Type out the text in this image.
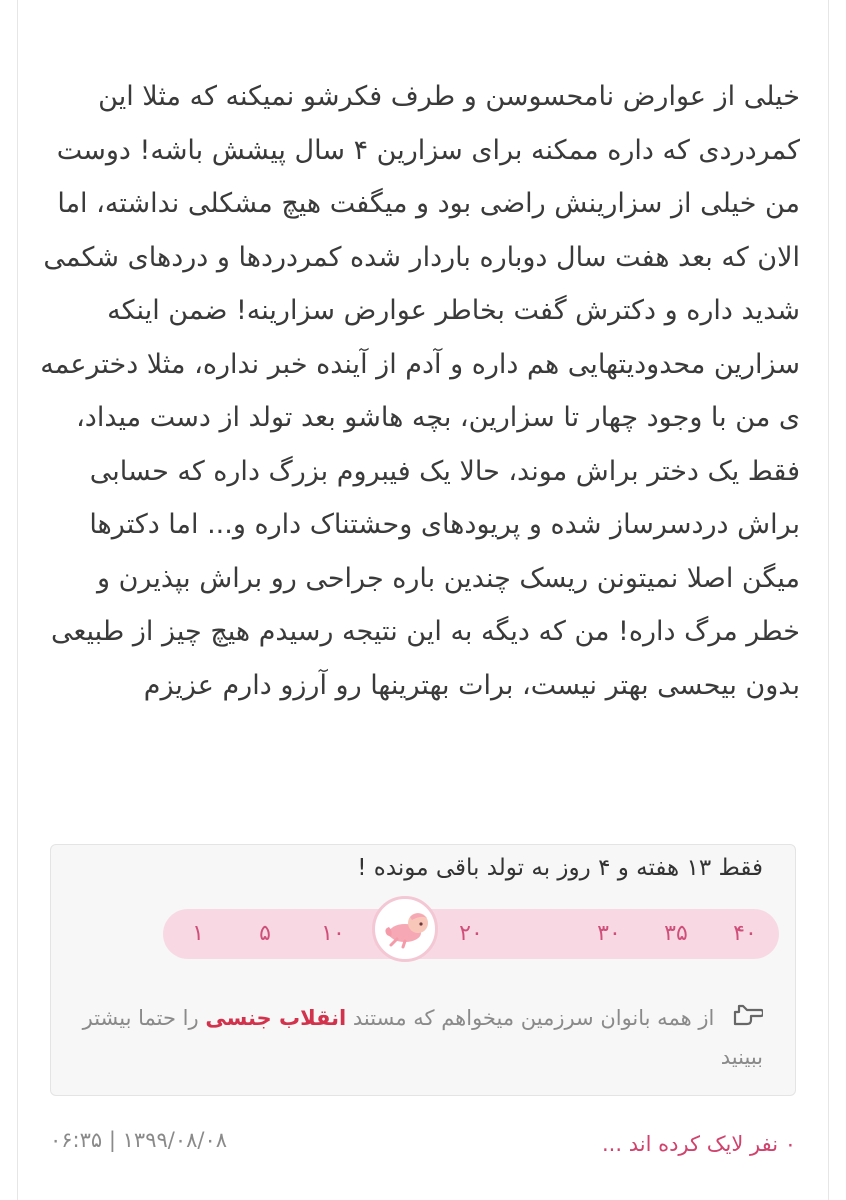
خیلی از عوارض نامحسوسن و طرف فکرشو نمیکنه که مثلا این کمردردی که داره ممکنه برای سزارین ۴ سال پیشش باشه! دوست من خیلی از سزارینش راضی بود و میگفت هیچ مشکلی نداشته، اما الان که بعد هفت سال دوباره باردار شده کمردردها و دردهای شکمی شدید داره و دکترش گفت بخاطر عوارض سزارینه! ضمن اینکه سزارین محدودیتهایی هم داره و آدم از آینده خبر نداره، مثلا دخترعمه ی من با وجود چهار تا سزارین، بچه هاشو بعد تولد از دست میداد، فقط یک دختر براش موند، حالا یک فیبروم بزرگ داره که حسابی براش دردسرساز شده و پریودهای وحشتناک داره و... اما دکترها میگن اصلا نمیتونن ریسک چندین باره جراحی رو براش بپذیرن و خطر مرگ داره! من که دیگه به این نتیجه رسیدم هیچ چیز از طبیعی بدون بیحسی بهتر نیست، برات بهترینها رو آرزو دارم عزیزم

فقط ۱۳ هفته و ۴ روز به تولد باقی مونده !
۱	۵	۱۰	۲۰	۳۰	۳۵	۴۰
از همه بانوان سرزمین میخواهم که مستند انقلاب جنسی را حتما بیشتر ببینید
۰ نفر لایک کرده اند ...
۱۳۹۹/۰۸/۰۸ | ۰۶:۳۵
